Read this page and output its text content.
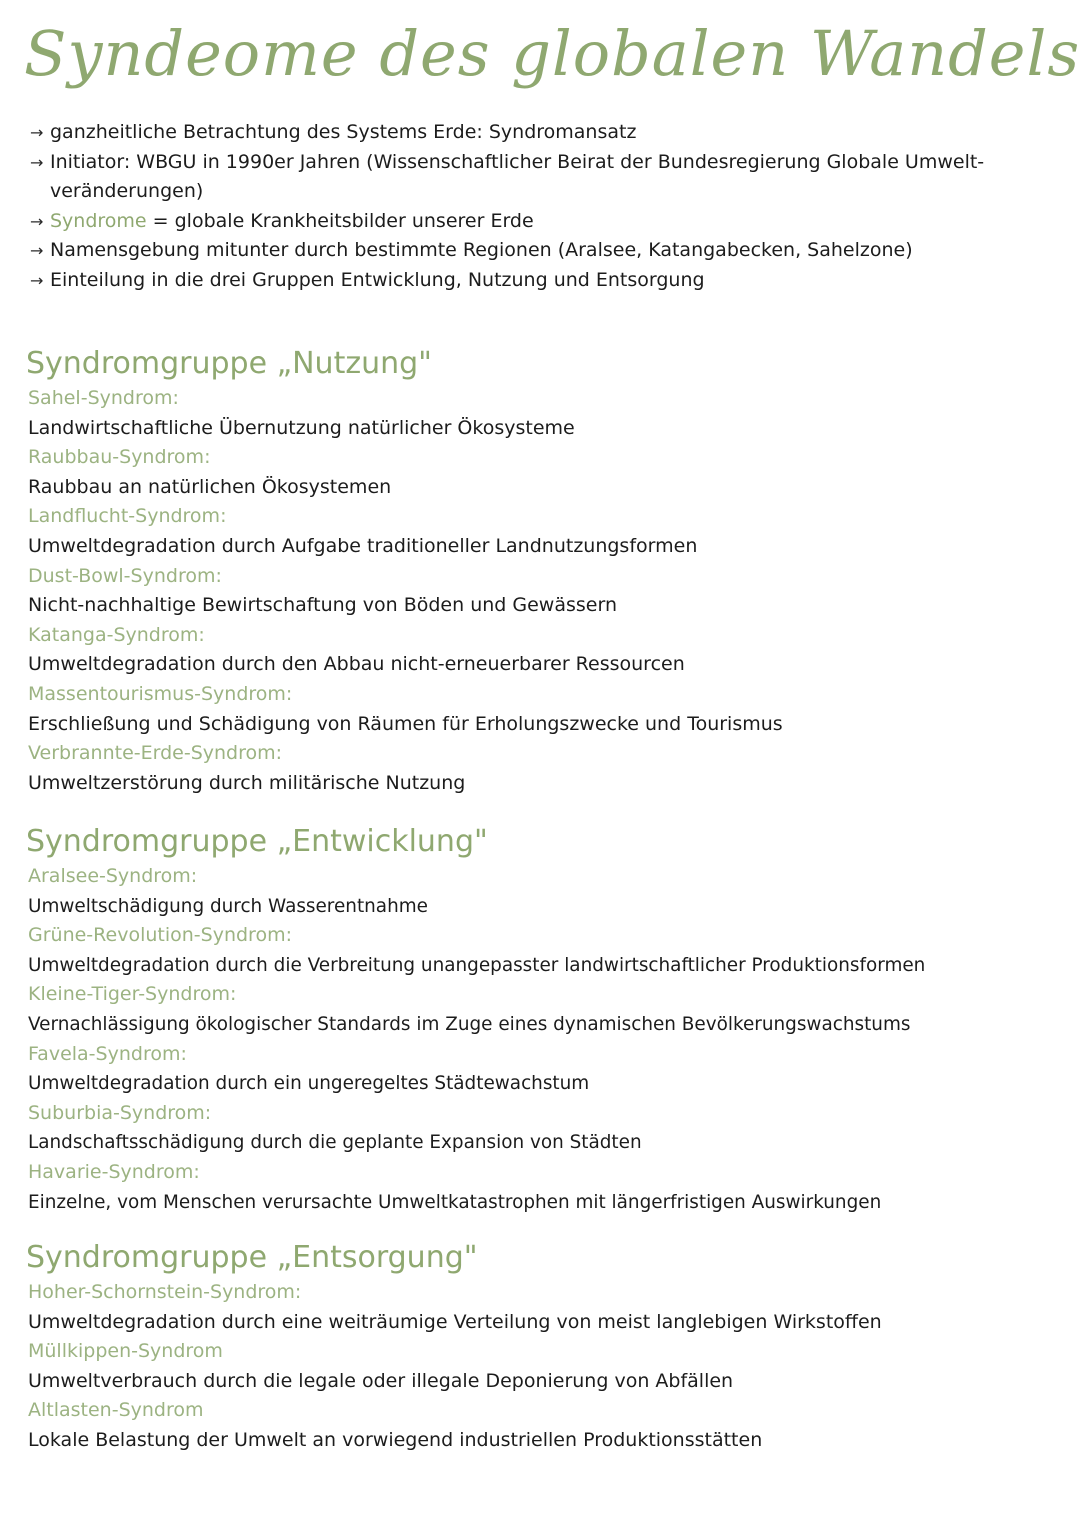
Syndeome des globalen Wandels
→ ganzheitliche Betrachtung des Systems Erde: Syndromansatz
→ Initiator: WBGU in 1990er Jahren (Wissenschaftlicher Beirat der Bundesregierung Globale Umwelt-veränderungen)
→ Syndrome = globale Krankheitsbilder unserer Erde
→ Namensgebung mitunter durch bestimmte Regionen (Aralsee, Katangabecken, Sahelzone)
→ Einteilung in die drei Gruppen Entwicklung, Nutzung und Entsorgung
Syndromgruppe „Nutzung"
Sahel-Syndrom:
Landwirtschaftliche Übernutzung natürlicher Ökosysteme
Raubbau-Syndrom:
Raubbau an natürlichen Ökosystemen
Landflucht-Syndrom:
Umweltdegradation durch Aufgabe traditioneller Landnutzungsformen
Dust-Bowl-Syndrom:
Nicht-nachhaltige Bewirtschaftung von Böden und Gewässern
Katanga-Syndrom:
Umweltdegradation durch den Abbau nicht-erneuerbarer Ressourcen
Massentourismus-Syndrom:
Erschließung und Schädigung von Räumen für Erholungszwecke und Tourismus
Verbrannte-Erde-Syndrom:
Umweltzerstörung durch militärische Nutzung
Syndromgruppe „Entwicklung"
Aralsee-Syndrom:
Umweltschädigung durch Wasserentnahme
Grüne-Revolution-Syndrom:
Umweltdegradation durch die Verbreitung unangepasster landwirtschaftlicher Produktionsformen
Kleine-Tiger-Syndrom:
Vernachlässigung ökologischer Standards im Zuge eines dynamischen Bevölkerungswachstums
Favela-Syndrom:
Umweltdegradation durch ein ungeregeltes Städtewachstum
Suburbia-Syndrom:
Landschaftsschädigung durch die geplante Expansion von Städten
Havarie-Syndrom:
Einzelne, vom Menschen verursachte Umweltkatastrophen mit längerfristigen Auswirkungen
Syndromgruppe „Entsorgung"
Hoher-Schornstein-Syndrom:
Umweltdegradation durch eine weiträumige Verteilung von meist langlebigen Wirkstoffen
Müllkippen-Syndrom
Umweltverbrauch durch die legale oder illegale Deponierung von Abfällen
Altlasten-Syndrom
Lokale Belastung der Umwelt an vorwiegend industriellen Produktionsstätten
